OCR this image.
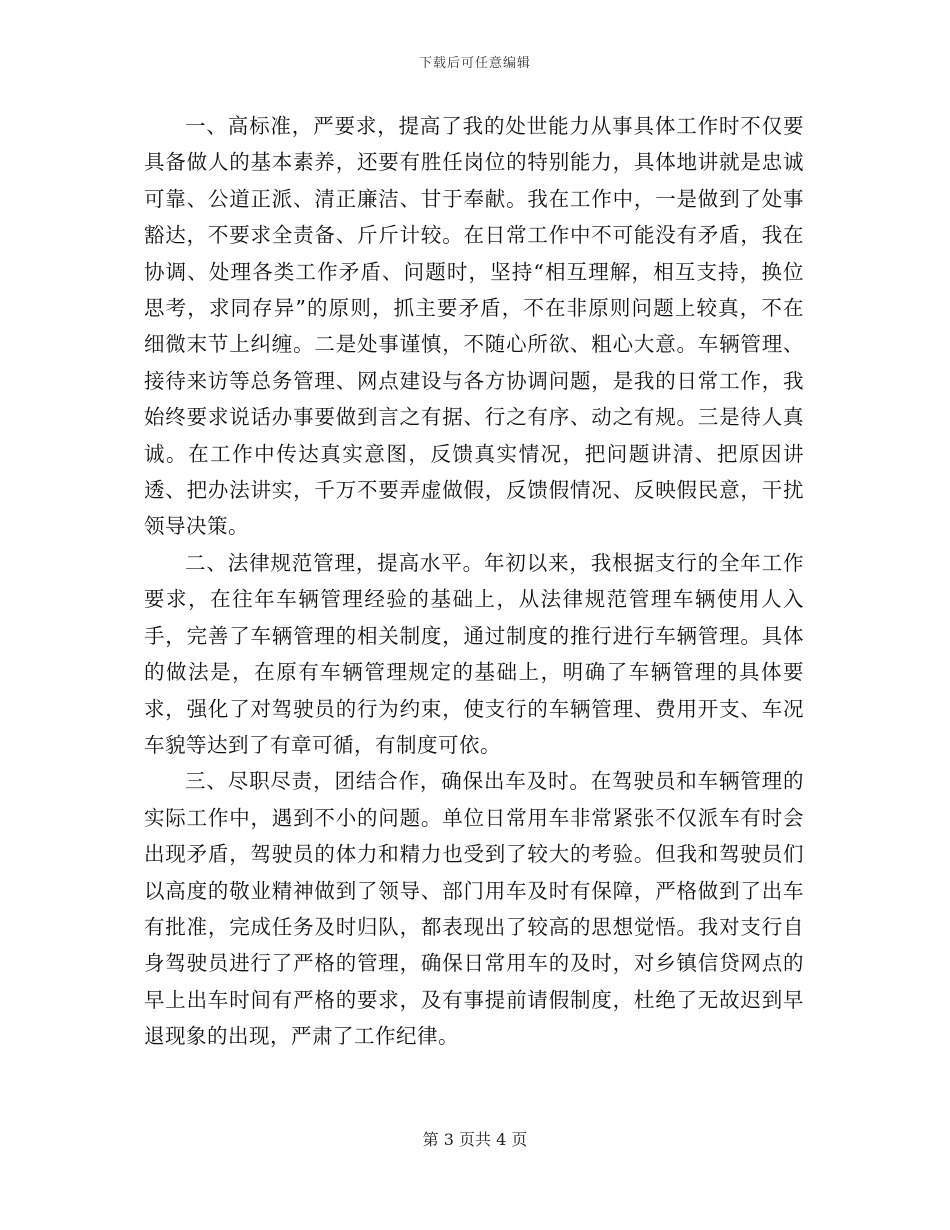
下载后可任意编辑

一、高标准，严要求，提高了我的处世能力从事具体工作时不仅要具备做人的基本素养，还要有胜任岗位的特别能力，具体地讲就是忠诚可靠、公道正派、清正廉洁、甘于奉献。我在工作中，一是做到了处事豁达，不要求全责备、斤斤计较。在日常工作中不可能没有矛盾，我在协调、处理各类工作矛盾、问题时，坚持“相互理解，相互支持，换位思考，求同存异”的原则，抓主要矛盾，不在非原则问题上较真，不在细微末节上纠缠。二是处事谨慎，不随心所欲、粗心大意。车辆管理、接待来访等总务管理、网点建设与各方协调问题，是我的日常工作，我始终要求说话办事要做到言之有据、行之有序、动之有规。三是待人真诚。在工作中传达真实意图，反馈真实情况，把问题讲清、把原因讲透、把办法讲实，千万不要弄虚做假，反馈假情况、反映假民意，干扰领导决策。

二、法律规范管理，提高水平。年初以来，我根据支行的全年工作要求，在往年车辆管理经验的基础上，从法律规范管理车辆使用人入手，完善了车辆管理的相关制度，通过制度的推行进行车辆管理。具体的做法是，在原有车辆管理规定的基础上，明确了车辆管理的具体要求，强化了对驾驶员的行为约束，使支行的车辆管理、费用开支、车况车貌等达到了有章可循，有制度可依。

三、尽职尽责，团结合作，确保出车及时。在驾驶员和车辆管理的实际工作中，遇到不小的问题。单位日常用车非常紧张不仅派车有时会出现矛盾，驾驶员的体力和精力也受到了较大的考验。但我和驾驶员们以高度的敬业精神做到了领导、部门用车及时有保障，严格做到了出车有批准，完成任务及时归队，都表现出了较高的思想觉悟。我对支行自身驾驶员进行了严格的管理，确保日常用车的及时，对乡镇信贷网点的早上出车时间有严格的要求，及有事提前请假制度，杜绝了无故迟到早退现象的出现，严肃了工作纪律。

第 3 页共 4 页
